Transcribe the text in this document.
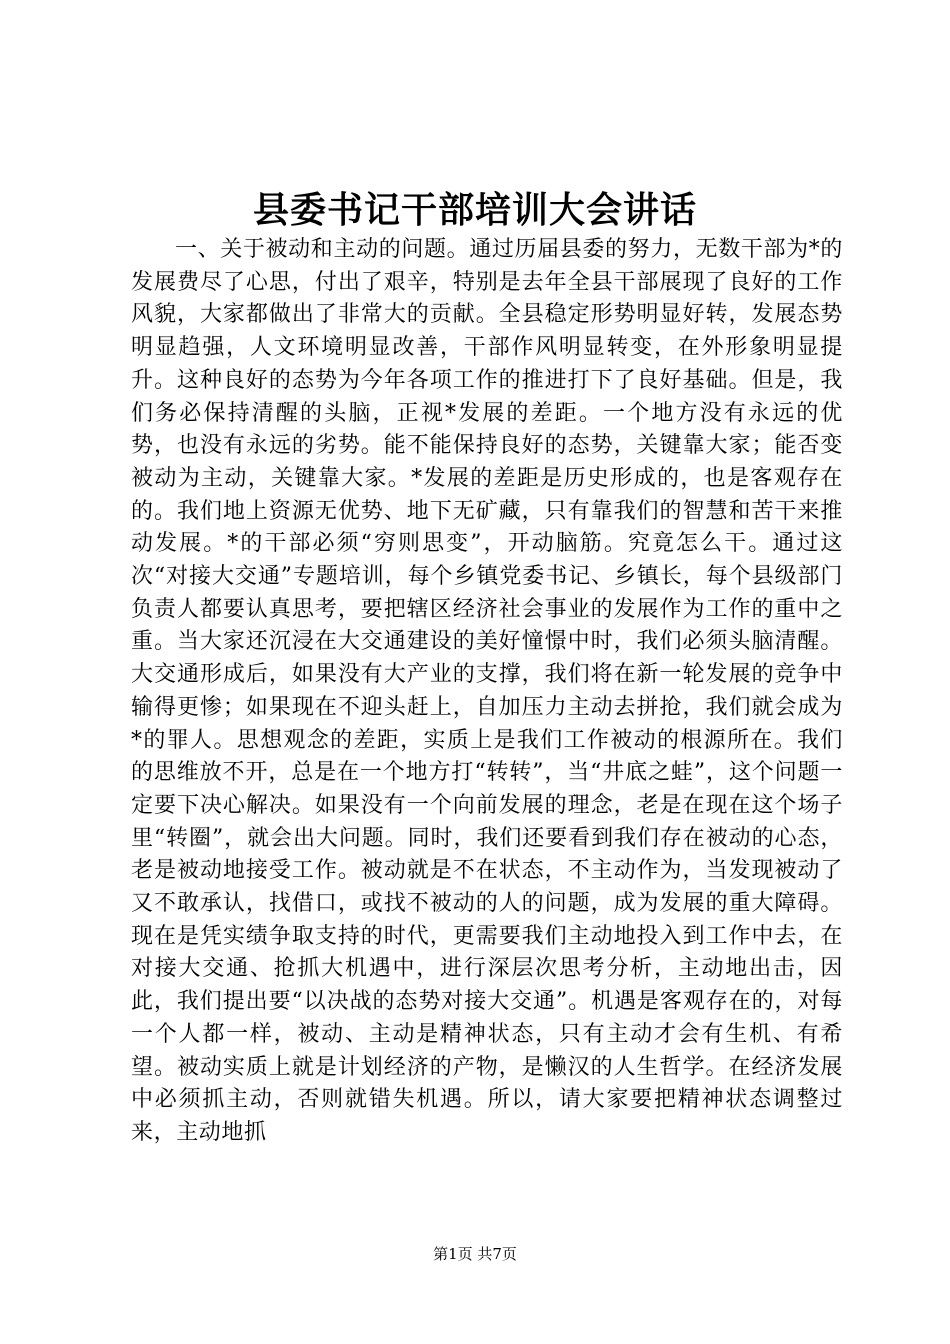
县委书记干部培训大会讲话

一、关于被动和主动的问题。通过历届县委的努力，无数干部为*的发展费尽了心思，付出了艰辛，特别是去年全县干部展现了良好的工作风貌，大家都做出了非常大的贡献。全县稳定形势明显好转，发展态势明显趋强，人文环境明显改善，干部作风明显转变，在外形象明显提升。这种良好的态势为今年各项工作的推进打下了良好基础。但是，我们务必保持清醒的头脑，正视*发展的差距。一个地方没有永远的优势，也没有永远的劣势。能不能保持良好的态势，关键靠大家；能否变被动为主动，关键靠大家。*发展的差距是历史形成的，也是客观存在的。我们地上资源无优势、地下无矿藏，只有靠我们的智慧和苦干来推动发展。*的干部必须“穷则思变”，开动脑筋。究竟怎么干。通过这次“对接大交通”专题培训，每个乡镇党委书记、乡镇长，每个县级部门负责人都要认真思考，要把辖区经济社会事业的发展作为工作的重中之重。当大家还沉浸在大交通建设的美好憧憬中时，我们必须头脑清醒。大交通形成后，如果没有大产业的支撑，我们将在新一轮发展的竞争中输得更惨；如果现在不迎头赶上，自加压力主动去拼抢，我们就会成为*的罪人。思想观念的差距，实质上是我们工作被动的根源所在。我们的思维放不开，总是在一个地方打“转转”，当“井底之蛙”，这个问题一定要下决心解决。如果没有一个向前发展的理念，老是在现在这个场子里“转圈”，就会出大问题。同时，我们还要看到我们存在被动的心态，老是被动地接受工作。被动就是不在状态，不主动作为，当发现被动了又不敢承认，找借口，或找不被动的人的问题，成为发展的重大障碍。现在是凭实绩争取支持的时代，更需要我们主动地投入到工作中去，在对接大交通、抢抓大机遇中，进行深层次思考分析，主动地出击，因此，我们提出要“以决战的态势对接大交通”。机遇是客观存在的，对每一个人都一样，被动、主动是精神状态，只有主动才会有生机、有希望。被动实质上就是计划经济的产物，是懒汉的人生哲学。在经济发展中必须抓主动，否则就错失机遇。所以，请大家要把精神状态调整过来，主动地抓

第1页 共7页
